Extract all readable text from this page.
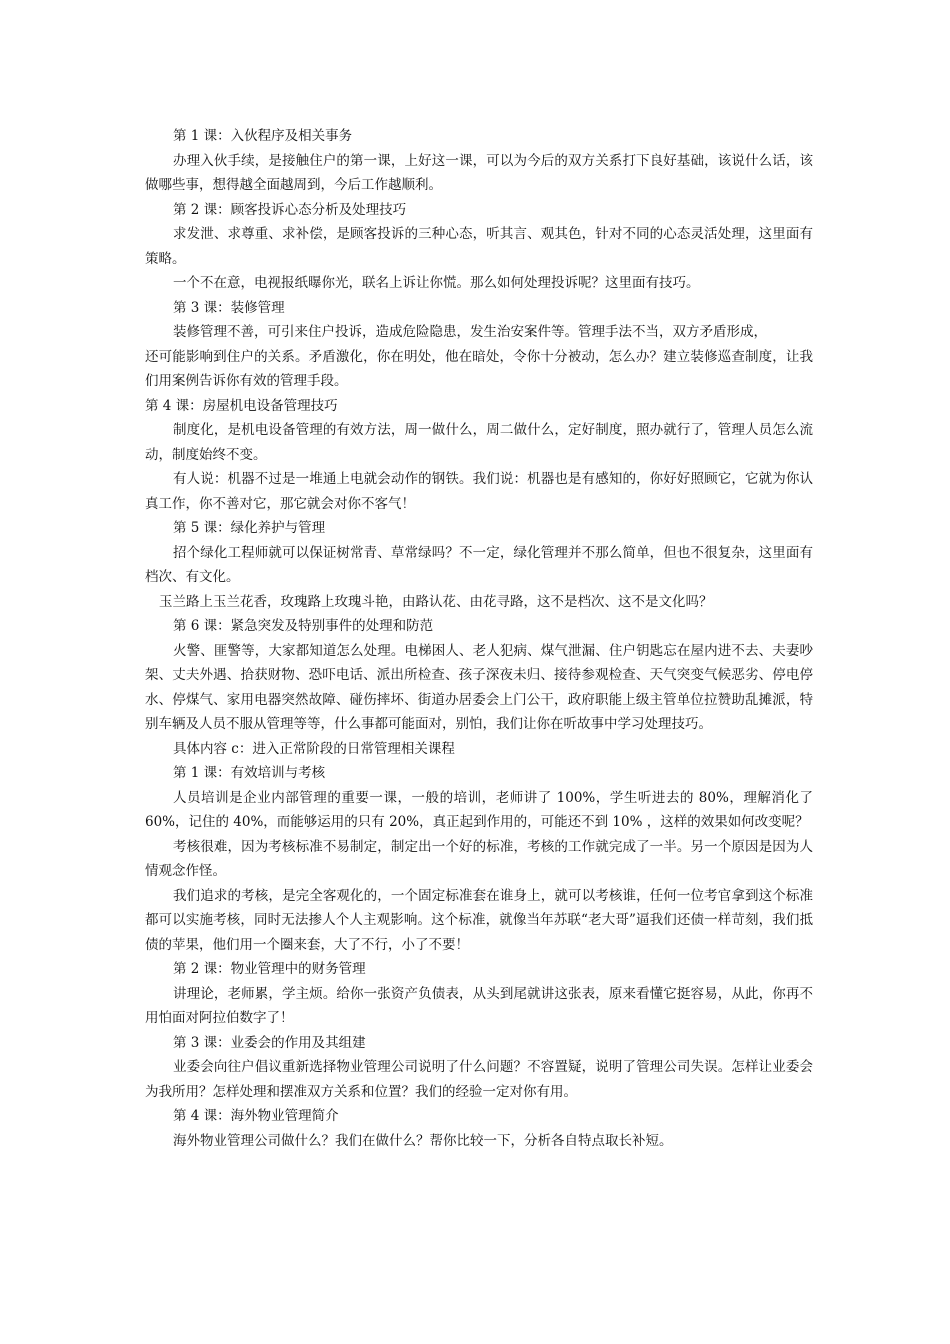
第 1 课：入伙程序及相关事务

办理入伙手续，是接触住户的第一课，上好这一课，可以为今后的双方关系打下良好基础，该说什么话，该做哪些事，想得越全面越周到，今后工作越顺利。

第 2 课：顾客投诉心态分析及处理技巧

求发泄、求尊重、求补偿，是顾客投诉的三种心态，听其言、观其色，针对不同的心态灵活处理，这里面有策略。

一个不在意，电视报纸曝你光，联名上诉让你慌。那么如何处理投诉呢？这里面有技巧。

第 3 课：装修管理

装修管理不善，可引来住户投诉，造成危险隐患，发生治安案件等。管理手法不当，双方矛盾形成，

还可能影响到住户的关系。矛盾激化，你在明处，他在暗处，令你十分被动，怎么办？建立装修巡查制度，让我们用案例告诉你有效的管理手段。

第 4 课：房屋机电设备管理技巧

制度化，是机电设备管理的有效方法，周一做什么，周二做什么，定好制度，照办就行了，管理人员怎么流动，制度始终不变。

有人说：机器不过是一堆通上电就会动作的钢铁。我们说：机器也是有感知的，你好好照顾它，它就为你认真工作，你不善对它，那它就会对你不客气！

第 5 课：绿化养护与管理

招个绿化工程师就可以保证树常青、草常绿吗？不一定，绿化管理并不那么简单，但也不很复杂，这里面有档次、有文化。

玉兰路上玉兰花香，玫瑰路上玫瑰斗艳，由路认花、由花寻路，这不是档次、这不是文化吗？

第 6 课：紧急突发及特别事件的处理和防范

火警、匪警等，大家都知道怎么处理。电梯困人、老人犯病、煤气泄漏、住户钥匙忘在屋内进不去、夫妻吵架、丈夫外遇、拾获财物、恐吓电话、派出所检查、孩子深夜未归、接待参观检查、天气突变气候恶劣、停电停水、停煤气、家用电器突然故障、碰伤摔坏、街道办居委会上门公干，政府职能上级主管单位拉赞助乱摊派，特别车辆及人员不服从管理等等，什么事都可能面对，别怕，我们让你在听故事中学习处理技巧。

具体内容 c：进入正常阶段的日常管理相关课程

第 1 课：有效培训与考核

人员培训是企业内部管理的重要一课，一般的培训，老师讲了 100%，学生听进去的 80%，理解消化了 60%，记住的 40%，而能够运用的只有 20%，真正起到作用的，可能还不到 10% ，这样的效果如何改变呢？

考核很难，因为考核标准不易制定，制定出一个好的标准，考核的工作就完成了一半。另一个原因是因为人情观念作怪。

我们追求的考核，是完全客观化的，一个固定标准套在谁身上，就可以考核谁，任何一位考官拿到这个标准都可以实施考核，同时无法掺人个人主观影响。这个标准，就像当年苏联“老大哥”逼我们还债一样苛刻，我们抵债的苹果，他们用一个圈来套，大了不行，小了不要！

第 2 课：物业管理中的财务管理

讲理论，老师累，学主烦。给你一张资产负债表，从头到尾就讲这张表，原来看懂它挺容易，从此，你再不用怕面对阿拉伯数字了！

第 3 课：业委会的作用及其组建

业委会向往户倡议重新选择物业管理公司说明了什么问题？不容置疑，说明了管理公司失误。怎样让业委会为我所用？怎样处理和摆准双方关系和位置？我们的经验一定对你有用。

第 4 课：海外物业管理简介

海外物业管理公司做什么？我们在做什么？帮你比较一下，分析各自特点取长补短。
